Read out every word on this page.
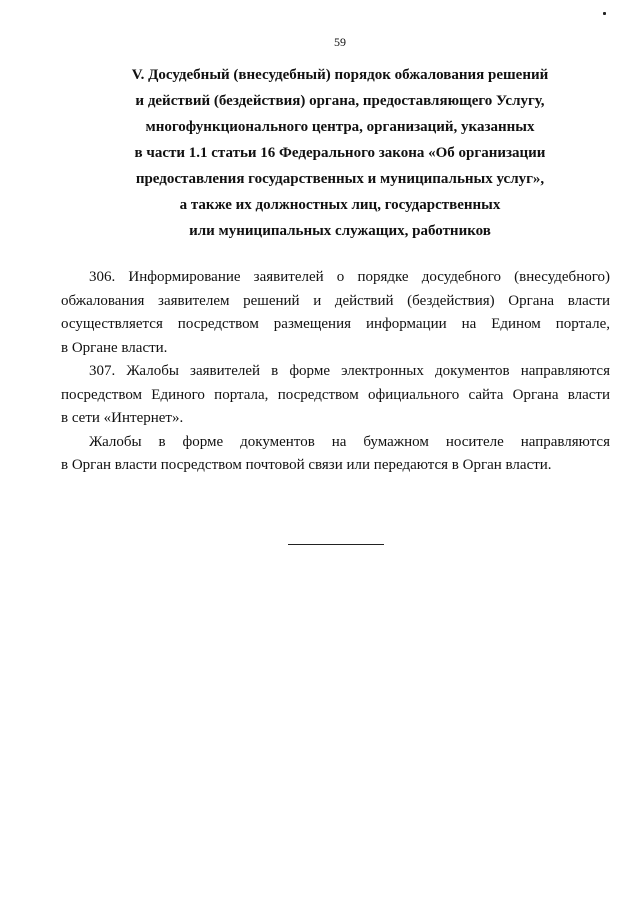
59
V. Досудебный (внесудебный) порядок обжалования решений
и действий (бездействия) органа, предоставляющего Услугу,
многофункционального центра, организаций, указанных
в части 1.1 статьи 16 Федерального закона «Об организации
предоставления государственных и муниципальных услуг»,
а также их должностных лиц, государственных
или муниципальных служащих, работников

306. Информирование заявителей о порядке досудебного (внесудебного)
обжалования заявителем решений и действий (бездействия) Органа власти
осуществляется посредством размещения информации на Едином портале,
в Органе власти.

307. Жалобы заявителей в форме электронных документов направляются
посредством Единого портала, посредством официального сайта Органа власти
в сети «Интернет».

Жалобы в форме документов на бумажном носителе направляются
в Орган власти посредством почтовой связи или передаются в Орган власти.
